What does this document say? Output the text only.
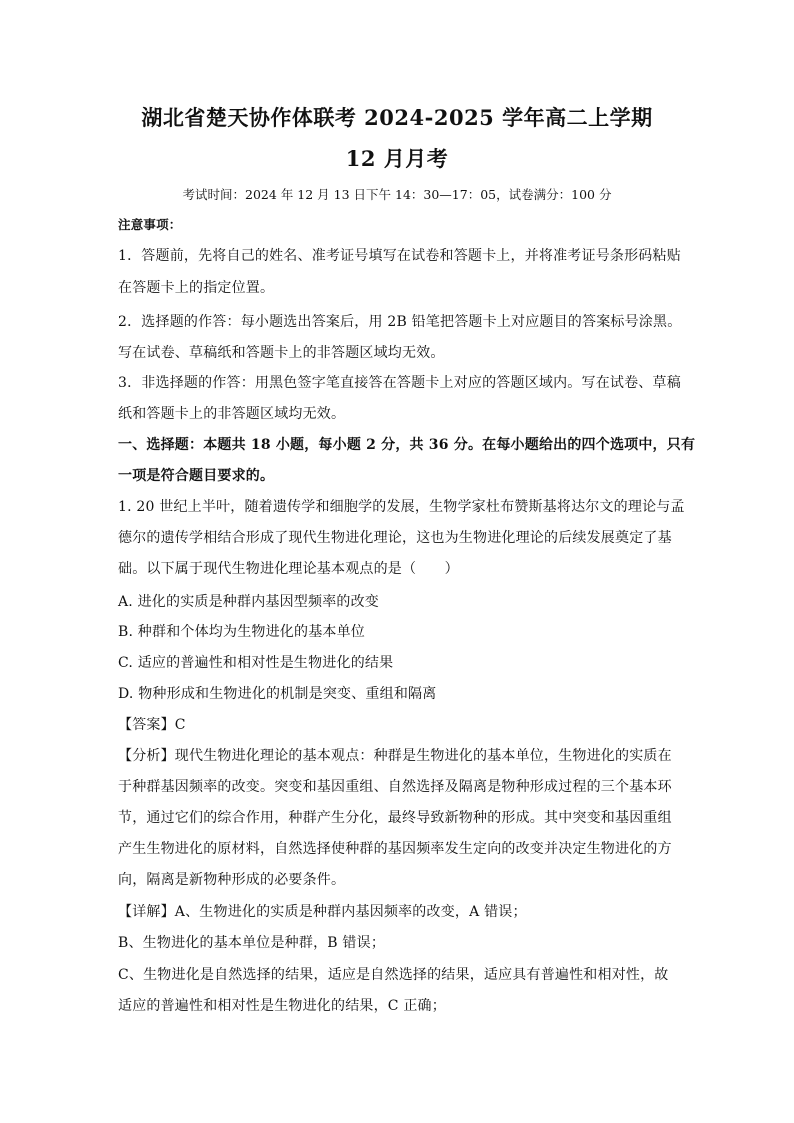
湖北省楚天协作体联考 2024-2025 学年高二上学期
12 月月考
考试时间：2024 年 12 月 13 日下午 14：30—17：05，试卷满分：100 分
注意事项：
1．答题前，先将自己的姓名、准考证号填写在试卷和答题卡上，并将准考证号条形码粘贴
在答题卡上的指定位置。
2．选择题的作答：每小题选出答案后，用 2B 铅笔把答题卡上对应题目的答案标号涂黑。
写在试卷、草稿纸和答题卡上的非答题区域均无效。
3．非选择题的作答：用黑色签字笔直接答在答题卡上对应的答题区域内。写在试卷、草稿
纸和答题卡上的非答题区域均无效。
一、选择题：本题共 18 小题，每小题 2 分，共 36 分。在每小题给出的四个选项中，只有
一项是符合题目要求的。
1. 20 世纪上半叶，随着遗传学和细胞学的发展，生物学家杜布赞斯基将达尔文的理论与孟
德尔的遗传学相结合形成了现代生物进化理论，这也为生物进化理论的后续发展奠定了基
础。以下属于现代生物进化理论基本观点的是（　　）
A. 进化的实质是种群内基因型频率的改变
B. 种群和个体均为生物进化的基本单位
C. 适应的普遍性和相对性是生物进化的结果
D. 物种形成和生物进化的机制是突变、重组和隔离
【答案】C
【分析】现代生物进化理论的基本观点：种群是生物进化的基本单位，生物进化的实质在
于种群基因频率的改变。突变和基因重组、自然选择及隔离是物种形成过程的三个基本环
节，通过它们的综合作用，种群产生分化，最终导致新物种的形成。其中突变和基因重组
产生生物进化的原材料，自然选择使种群的基因频率发生定向的改变并决定生物进化的方
向，隔离是新物种形成的必要条件。
【详解】A、生物进化的实质是种群内基因频率的改变，A 错误；
B、生物进化的基本单位是种群，B 错误；
C、生物进化是自然选择的结果，适应是自然选择的结果，适应具有普遍性和相对性，故
适应的普遍性和相对性是生物进化的结果，C 正确；
